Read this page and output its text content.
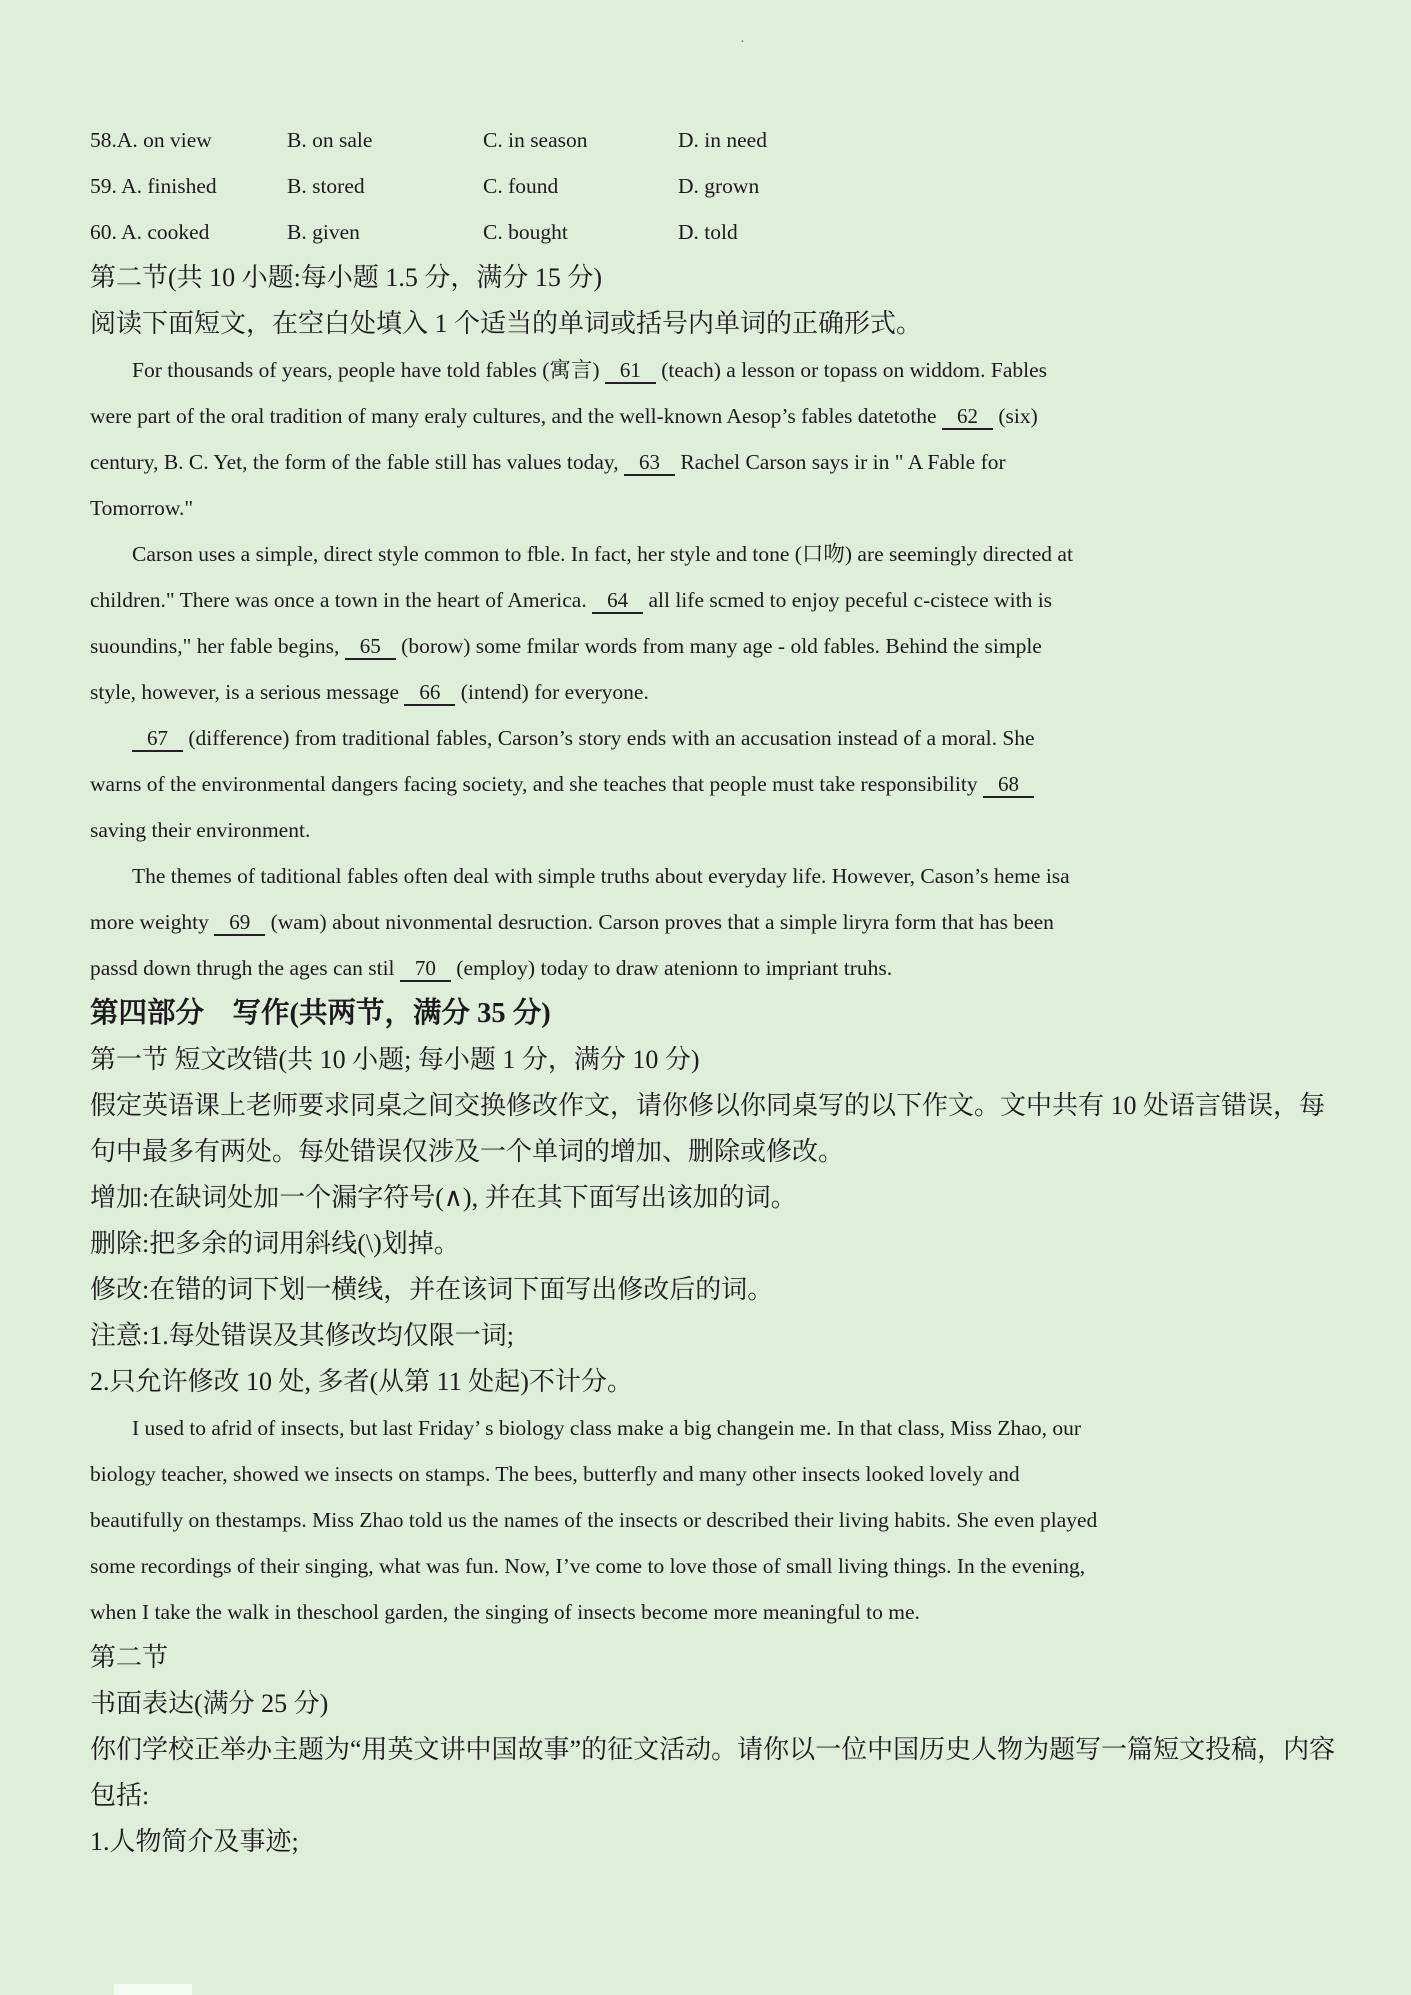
·
58.A. on view	B. on sale	C. in season	D. in need
59. A. finished	B. stored	C. found	D. grown
60. A. cooked	B. given	C. bought	D. told
第二节(共 10 小题:每小题 1.5 分，满分 15 分)
阅读下面短文，在空白处填入 1 个适当的单词或括号内单词的正确形式。
For thousands of years, people have told fables (寓言) 61 (teach) a lesson or topass on widdom. Fables
were part of the oral tradition of many eraly cultures, and the well-known Aesop’s fables datetothe 62 (six)
century, B. C. Yet, the form of the fable still has values today, 63 Rachel Carson says ir in " A Fable for
Tomorrow."
Carson uses a simple, direct style common to fble. In fact, her style and tone (口吻) are seemingly directed at
children." There was once a town in the heart of America. 64 all life scmed to enjoy peceful c-cistece with is
suoundins," her fable begins, 65 (borow) some fmilar words from many age - old fables. Behind the simple
style, however, is a serious message 66 (intend) for everyone.
67 (difference) from traditional fables, Carson’s story ends with an accusation instead of a moral. She
warns of the environmental dangers facing society, and she teaches that people must take responsibility 68
saving their environment.
The themes of taditional fables often deal with simple truths about everyday life. However, Cason’s heme isa
more weighty 69 (wam) about nivonmental desruction. Carson proves that a simple liryra form that has been
passd down thrugh the ages can stil 70 (employ) today to draw atenionn to impriant truhs.
第四部分　写作(共两节，满分 35 分)
第一节 短文改错(共 10 小题; 每小题 1 分，满分 10 分)
假定英语课上老师要求同桌之间交换修改作文，请你修以你同桌写的以下作文。文中共有 10 处语言错误，每
句中最多有两处。每处错误仅涉及一个单词的增加、删除或修改。
增加:在缺词处加一个漏字符号(∧), 并在其下面写出该加的词。
删除:把多余的词用斜线(\)划掉。
修改:在错的词下划一横线，并在该词下面写出修改后的词。
注意:1.每处错误及其修改均仅限一词;
2.只允许修改 10 处, 多者(从第 11 处起)不计分。
I used to afrid of insects, but last Friday’ s biology class make a big changein me. In that class, Miss Zhao, our
biology teacher, showed we insects on stamps. The bees, butterfly and many other insects looked lovely and
beautifully on thestamps. Miss Zhao told us the names of the insects or described their living habits. She even played
some recordings of their singing, what was fun. Now, I’ve come to love those of small living things. In the evening,
when I take the walk in theschool garden, the singing of insects become more meaningful to me.
第二节
书面表达(满分 25 分)
你们学校正举办主题为“用英文讲中国故事”的征文活动。请你以一位中国历史人物为题写一篇短文投稿，内容
包括:
1.人物简介及事迹;
